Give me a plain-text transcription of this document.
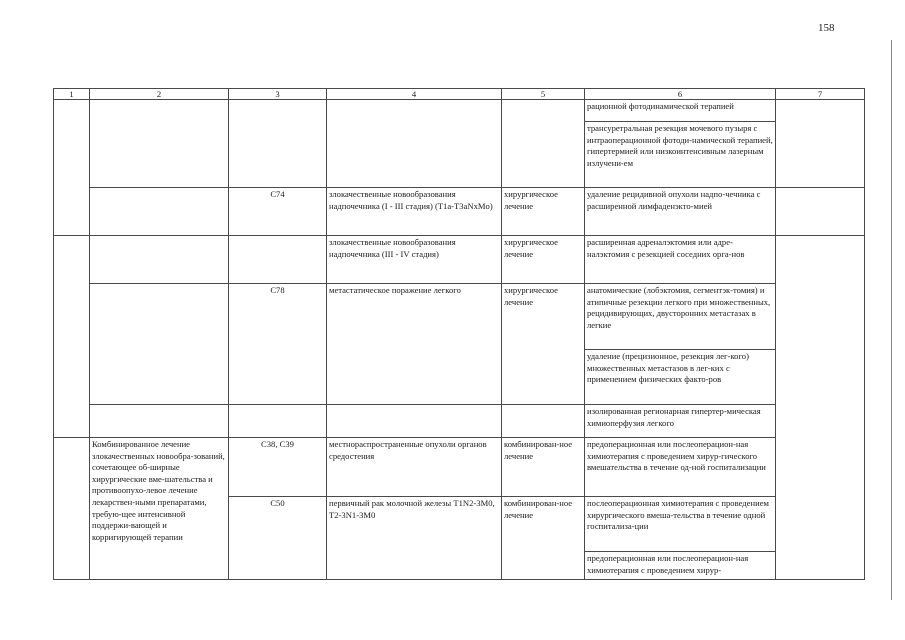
158
1	2	3	4	5	6	7	
					рационной фотодинамической терапией		
					трансуретральная резекция мочевого пузыря с интраоперационной фотоди-намической терапией, гипертермией или низкоинтенсивным лазерным излучени-ем		
		С74	злокачественные новообразования надпочечника (I - III стадия) (T1a-T3aNxMo)	хирургическое лечение	удаление рецидивной опухоли надпо-чечника с расширенной лимфаденэкто-мией		
			злокачественные новообразования надпочечника (III - IV стадия)	хирургическое лечение	расширенная адреналэктомия или адре-налэктомия с резекцией соседних орга-нов		
		С78	метастатическое поражение легкого	хирургическое лечение	анатомические (лобэктомия, сегментэк-томия) и атипичные резекции легкого при множественных, рецидивирующих, двусторонних метастазах в легкие		
					удаление (прецизионное, резекция лег-кого) множественных метастазов в лег-ких с применением физических факто-ров		
					изолированная регионарная гипертер-мическая химиоперфузия легкого		
	Комбинированное лечение злокачественных новообра-зований, сочетающее об-ширные хирургические вме-шательства и противоопухо-левое лечение лекарствен-ными препаратами, требую-щее интенсивной поддержи-вающей и корригирующей терапии	С38, С39	местнораспространенные опухоли органов средостения	комбинирован-ное лечение	предоперационная или послеоперацион-ная химиотерапия с проведением хирур-гического вмешательства в течение од-ной госпитализации		
		С50	первичный рак молочной железы T1N2-3M0, T2-3N1-3M0	комбинирован-ное лечение	послеоперационная химиотерапия с проведением хирургического вмеша-тельства в течение одной госпитализа-ции		
					предоперационная или послеоперацион-ная химиотерапия с проведением хирур-		
